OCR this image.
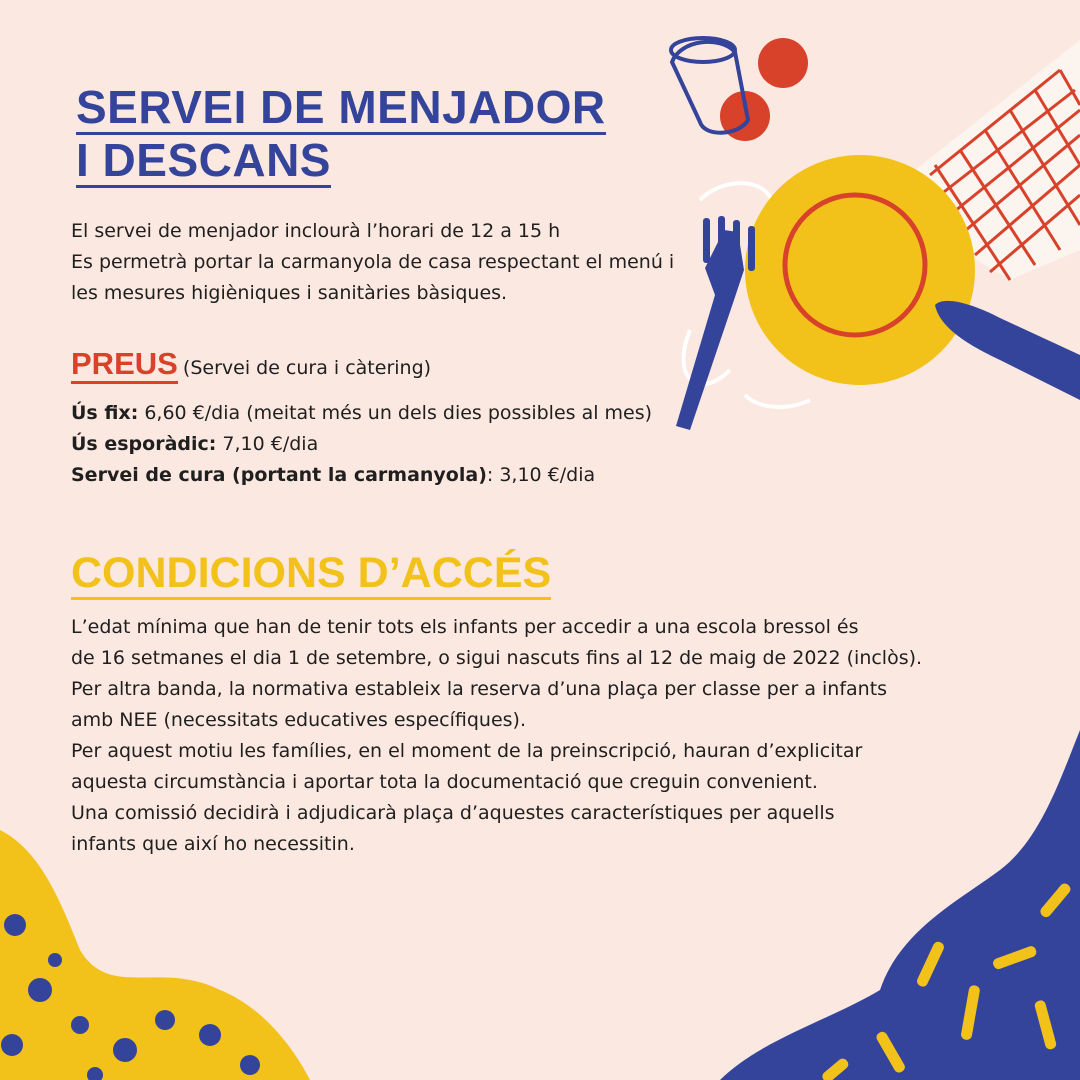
SERVEI DE MENJADOR
I DESCANS

El servei de menjador inclourà l’horari de 12 a 15 h

Es permetrà portar la carmanyola de casa respectant el menú i

les mesures higièniques i sanitàries bàsiques.

PREUS (Servei de cura i càtering)

Ús fix: 6,60 €/dia (meitat més un dels dies possibles al mes)

Ús esporàdic: 7,10 €/dia

Servei de cura (portant la carmanyola): 3,10 €/dia

CONDICIONS D’ACCÉS

L’edat mínima que han de tenir tots els infants per accedir a una escola bressol és

de 16 setmanes el dia 1 de setembre, o sigui nascuts fins al 12 de maig de 2022 (inclòs).

Per altra banda, la normativa estableix la reserva d’una plaça per classe per a infants

amb NEE (necessitats educatives específiques).

Per aquest motiu les famílies, en el moment de la preinscripció, hauran d’explicitar

aquesta circumstància i aportar tota la documentació que creguin convenient.

Una comissió decidirà i adjudicarà plaça d’aquestes característiques per aquells

infants que així ho necessitin.
